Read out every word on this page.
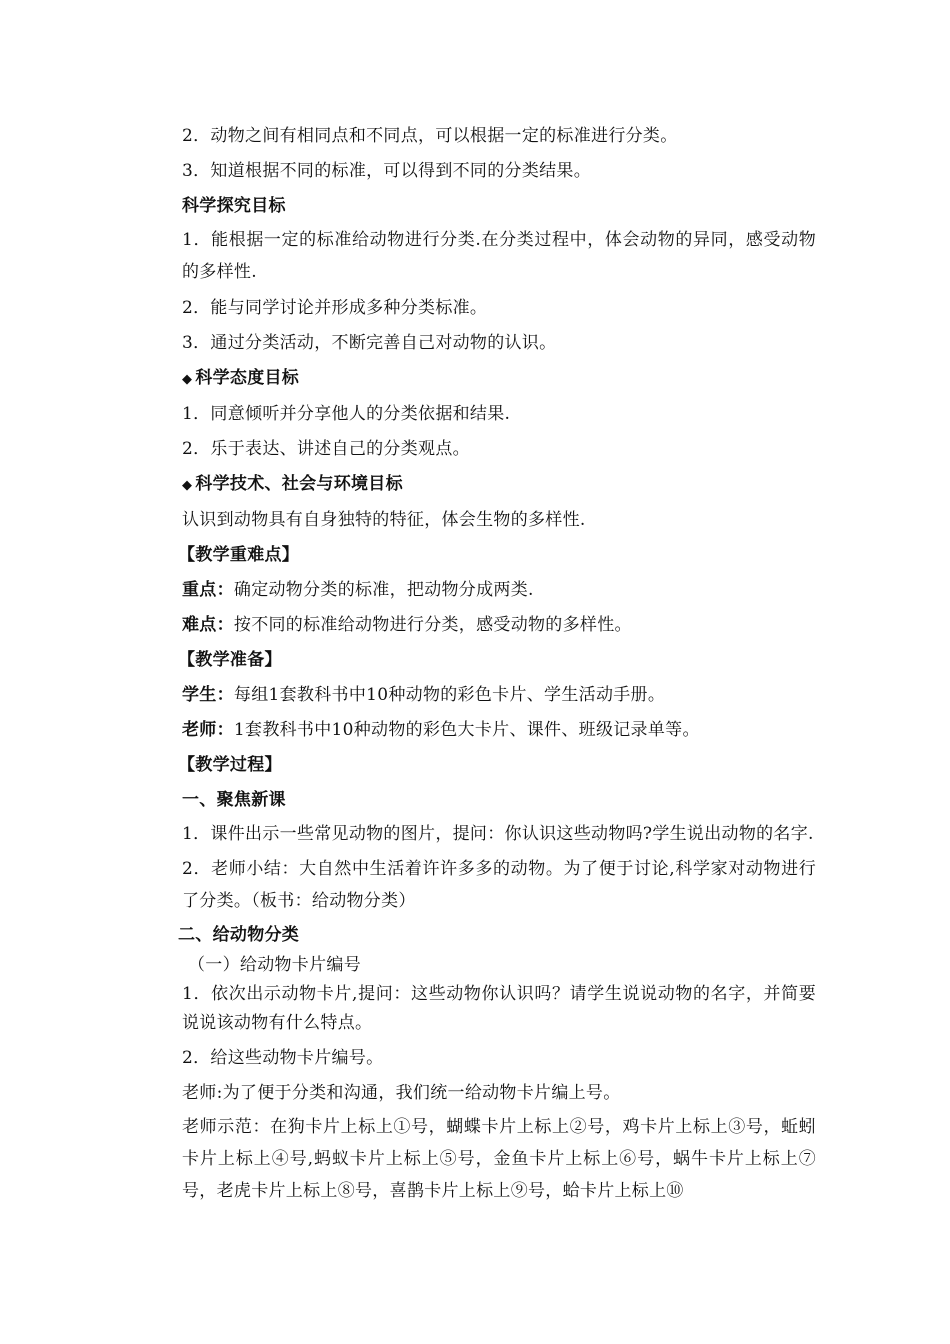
2．动物之间有相同点和不同点，可以根据一定的标准进行分类。

3．知道根据不同的标准，可以得到不同的分类结果。

科学探究目标

1．能根据一定的标准给动物进行分类.在分类过程中，体会动物的异同，感受动物的多样性.

2．能与同学讨论并形成多种分类标准。

3．通过分类活动，不断完善自己对动物的认识。

◆ 科学态度目标

1．同意倾听并分享他人的分类依据和结果.

2．乐于表达、讲述自己的分类观点。

◆ 科学技术、社会与环境目标

认识到动物具有自身独特的特征，体会生物的多样性.

【教学重难点】

重点：确定动物分类的标准，把动物分成两类.

难点：按不同的标准给动物进行分类，感受动物的多样性。

【教学准备】

学生：每组1套教科书中10种动物的彩色卡片、学生活动手册。

老师：1套教科书中10种动物的彩色大卡片、课件、班级记录单等。

【教学过程】

一、聚焦新课

1．课件出示一些常见动物的图片，提问：你认识这些动物吗?学生说出动物的名字.

2．老师小结：大自然中生活着许许多多的动物。为了便于讨论,科学家对动物进行了分类。（板书：给动物分类）

二、给动物分类

（一）给动物卡片编号

1．依次出示动物卡片,提问：这些动物你认识吗？请学生说说动物的名字，并简要说说该动物有什么特点。

2．给这些动物卡片编号。

老师:为了便于分类和沟通，我们统一给动物卡片编上号。

老师示范：在狗卡片上标上①号，蝴蝶卡片上标上②号，鸡卡片上标上③号，蚯蚓卡片上标上④号,蚂蚁卡片上标上⑤号，金鱼卡片上标上⑥号，蜗牛卡片上标上⑦号，老虎卡片上标上⑧号，喜鹊卡片上标上⑨号，蛤卡片上标上⑩
